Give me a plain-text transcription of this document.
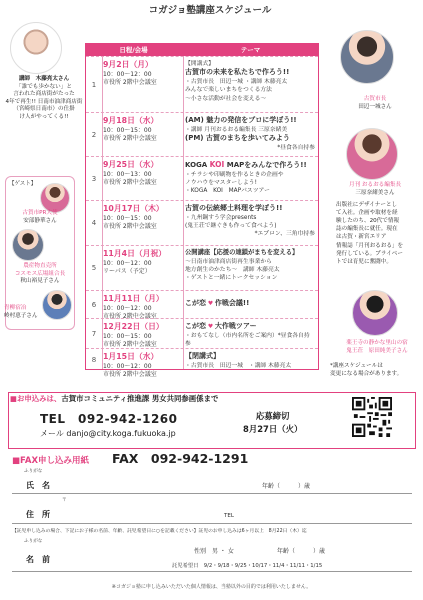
コガジョ塾講座スケジュール
講師　木藤亮太さん
「誰でも歩かない」と
言われた商店街がたった
4年で再生!! 日南市油津商店街
（宮崎県日南市）の仕掛
け人がやってくる!!
【ゲスト】
古賀市PR大使
安部静華さん
農産物直売所
コスモス広場組合長
秋山裕見子さん
青柳宿冶
岭村恵子さん
日程/会場	テーマ
1
9月2日（月）
10：00～12：00
市役所 2階中会議室
【開講式】
古賀市の未来を私たちで作ろう!!
・古賀市長　田辺一城 ・講師 木藤亮太
みんなで楽しいまちをつくる方法
～小さな活動が社会を変える～
2
9月18日（水）
10：00～15：00
市役所 2階中会議室
(AM) 魅力の発信をプロに学ぼう!!
・講師 月刊おるおる編集長 三原奈緒美
(PM) 古賀のまちを歩いてみよう
*昼食各自持参
3
9月25日（水）
10：00～13：00
市役所 2階中会議室
KOGA KOI MAPをみんなで作ろう!!
・チラシや印刷物を作るときの企画や
ノウハウをマスターしよう!
・KOGA　KOI　MAPパスツアー
4
10月17日（木）
10：00～15：00
市役所 2階中会議室
古賀の伝統郷土料理を学ぼう!!
・九州鋼すう学会presents
(鬼王荘で継ぐきも作って食べよう)
*エプロン、三角巾持参
5
11月4日（月祝）
10：00～12：00
リーパス（予定）
公開講座【応援の連鎖がまちを変える】
～日南市油津商店街再生事業から
地方創生のかたち～　講師 木藤亮太
・ゲストと一緒にトークセッション
6
11月11日（月）
10：00～12：00
市役所 2階中会議室
こが恋 ♥ 作戦会議!!
7
12月22日（日）
10：00～15：00
市役所 2階中会議室
こが恋 ♥ 大作戦ツアー
・おもてなし（市内名所をご案内）*昼食各自持参
8 1月15日（水）
10：00～12：00
市役所 2階中会議室
【閉講式】
・古賀市長　田辺一城　・講師 木藤亮太
古賀市長
田辺一城さん
月刊 おるおる編集長
三原奈緒美さん
出版社にデザイナーとし
て入社。企画や取材を経
験したのち、20代で情報
誌の編集長に就任。現在
は古賀・新宮エリア
情報誌「月刊おるおる」を
発行している。プライベー
トでは育児に奮闘中。
薬王寺の静かな里山の宿
鬼王荘　原田純美子さん
*講座スケジュールは
変更になる場合があります。
■お申込みは、古賀市コミュニティ推進課 男女共同参画係まで
TEL　092-942-1260
メール danjo@city.koga.fukuoka.jp
応募締切
8月27日（火）
■FAX申し込み用紙 FAX　092-942-1291
ふりがな
氏　名	年齢（　　　）歳
〒
住　所	TEL
【託児申し込みの場合、下記にお子様の名前、年齢、託児希望日に○を記載ください】託児のお申し込みは6ヶ月以上　8月22日（木）迄
ふりがな
名　前
性別　男 ・ 女	年齢（　　　）歳
託児希望日　9/2・9/18・9/25・10/17・11/4・11/11・1/15
※コガジョ塾に申し込みいただいた個人情報は、当塾以外の目的では利用いたしません。
